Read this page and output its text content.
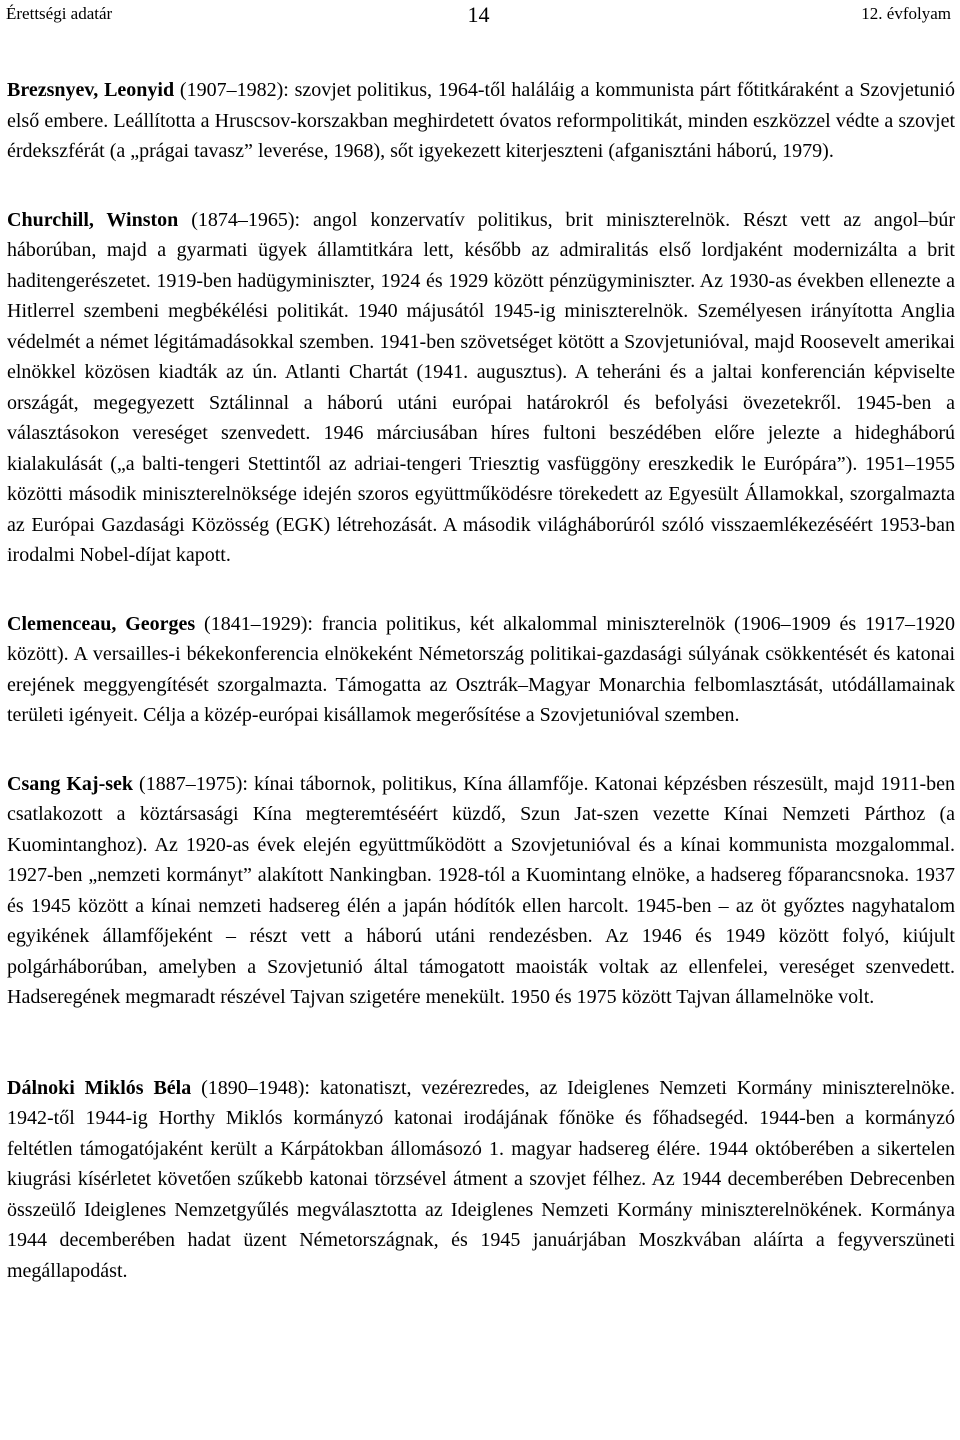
Érettségi adatár	14	12. évfolyam

Brezsnyev, Leonyid (1907–1982): szovjet politikus, 1964-től haláláig a kommunista párt főtitkáraként a Szovjetunió első embere. Leállította a Hruscsov-korszakban meghirdetett óvatos reformpolitikát, minden eszközzel védte a szovjet érdekszférát (a „prágai tavasz” leverése, 1968), sőt igyekezett kiterjeszteni (afganisztáni háború, 1979).

Churchill, Winston (1874–1965): angol konzervatív politikus, brit miniszterelnök. Részt vett az angol–búr háborúban, majd a gyarmati ügyek államtitkára lett, később az admiralitás első lordjaként modernizálta a brit haditengerészetet. 1919-ben hadügyminiszter, 1924 és 1929 között pénzügyminiszter. Az 1930-as években ellenezte a Hitlerrel szembeni megbékélési politikát. 1940 májusától 1945-ig miniszterelnök. Személyesen irányította Anglia védelmét a német légitámadásokkal szemben. 1941-ben szövetséget kötött a Szovjetunióval, majd Roosevelt amerikai elnökkel közösen kiadták az ún. Atlanti Chartát (1941. augusztus). A teheráni és a jaltai konferencián képviselte országát, megegyezett Sztálinnal a háború utáni európai határokról és befolyási övezetekről. 1945-ben a választásokon vereséget szenvedett. 1946 márciusában híres fultoni beszédében előre jelezte a hidegháború kialakulását („a balti-tengeri Stettintől az adriai-tengeri Triesztig vasfüggöny ereszkedik le Európára”). 1951–1955 közötti második miniszterelnöksége idején szoros együttműködésre törekedett az Egyesült Államokkal, szorgalmazta az Európai Gazdasági Közösség (EGK) létrehozását. A második világháborúról szóló visszaemlékezéséért 1953-ban irodalmi Nobel-díjat kapott.

Clemenceau, Georges (1841–1929): francia politikus, két alkalommal miniszterelnök (1906–1909 és 1917–1920 között). A versailles-i békekonferencia elnökeként Németország politikai-gazdasági súlyának csökkentését és katonai erejének meggyengítését szorgalmazta. Támogatta az Osztrák–Magyar Monarchia felbomlasztását, utódállamainak területi igényeit. Célja a közép-európai kisállamok megerősítése a Szovjetunióval szemben.

Csang Kaj-sek (1887–1975): kínai tábornok, politikus, Kína államfője. Katonai képzésben részesült, majd 1911-ben csatlakozott a köztársasági Kína megteremtéséért küzdő, Szun Jat-szen vezette Kínai Nemzeti Párthoz (a Kuomintanghoz). Az 1920-as évek elején együttműködött a Szovjetunióval és a kínai kommunista mozgalommal. 1927-ben „nemzeti kormányt” alakított Nankingban. 1928-tól a Kuomintang elnöke, a hadsereg főparancsnoka. 1937 és 1945 között a kínai nemzeti hadsereg élén a japán hódítók ellen harcolt. 1945-ben – az öt győztes nagyhatalom egyikének államfőjeként – részt vett a háború utáni rendezésben. Az 1946 és 1949 között folyó, kiújult polgárháborúban, amelyben a Szovjetunió által támogatott maoisták voltak az ellenfelei, vereséget szenvedett. Hadseregének megmaradt részével Tajvan szigetére menekült. 1950 és 1975 között Tajvan államelnöke volt.

Dálnoki Miklós Béla (1890–1948): katonatiszt, vezérezredes, az Ideiglenes Nemzeti Kormány miniszterelnöke. 1942-től 1944-ig Horthy Miklós kormányzó katonai irodájának főnöke és főhadsegéd. 1944-ben a kormányzó feltétlen támogatójaként került a Kárpátokban állomásozó 1. magyar hadsereg élére. 1944 októberében a sikertelen kiugrási kísérletet követően szűkebb katonai törzsével átment a szovjet félhez. Az 1944 decemberében Debrecenben összeülő Ideiglenes Nemzetgyűlés megválasztotta az Ideiglenes Nemzeti Kormány miniszterelnökének. Kormánya 1944 decemberében hadat üzent Németországnak, és 1945 januárjában Moszkvában aláírta a fegyverszüneti megállapodást.
